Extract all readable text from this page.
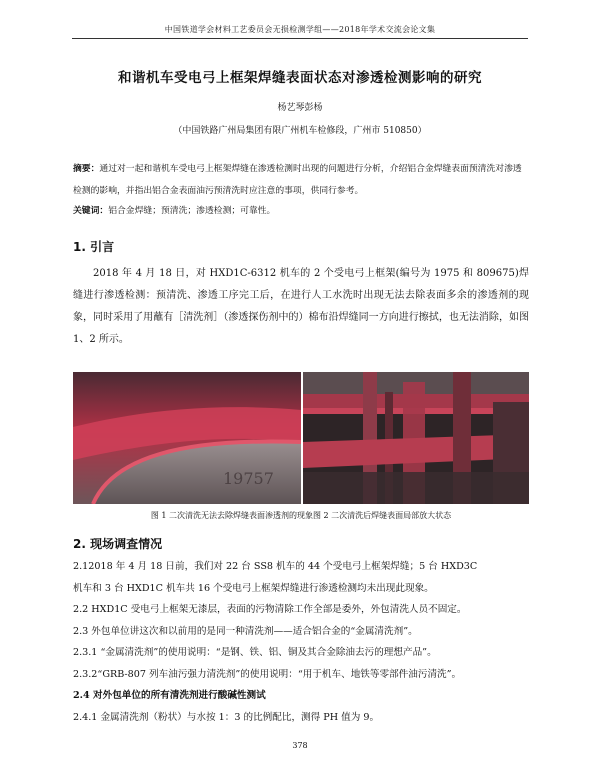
中国铁道学会材料工艺委员会无损检测学组——2018年学术交流会论文集
和谐机车受电弓上框架焊缝表面状态对渗透检测影响的研究
杨艺琴彭杨
（中国铁路广州局集团有限广州机车检修段，广州市 510850）
摘要：通过对一起和谐机车受电弓上框架焊缝在渗透检测时出现的问题进行分析，介绍铝合金焊缝表面预清洗对渗透检测的影响，并指出铝合金表面油污预清洗时应注意的事项，供同行参考。
关键词：铝合金焊缝；预清洗；渗透检测；可靠性。
1. 引言
2018 年 4 月 18 日，对 HXD1C-6312 机车的 2 个受电弓上框架(编号为 1975 和 809675)焊缝进行渗透检测：预清洗、渗透工序完工后，在进行人工水洗时出现无法去除表面多余的渗透剂的现象，同时采用了用蘸有［清洗剂］（渗透探伤剂中的）棉布沿焊缝同一方向进行擦拭，也无法消除，如图 1、2 所示。
19757
图 1 二次清洗无法去除焊缝表面渗透剂的现象图 2 二次清洗后焊缝表面局部放大状态
2. 现场调查情况
2.12018 年 4 月 18 日前，我们对 22 台 SS8 机车的 44 个受电弓上框架焊缝；5 台 HXD3C
机车和 3 台 HXD1C 机车共 16 个受电弓上框架焊缝进行渗透检测均未出现此现象。
2.2 HXD1C 受电弓上框架无漆层，表面的污物清除工作全部是委外，外包清洗人员不固定。
2.3 外包单位讲这次和以前用的是同一种清洗剂——适合铝合金的“金属清洗剂”。
2.3.1 “金属清洗剂”的使用说明：“是钢、铁、铝、铜及其合金除油去污的理想产品”。
2.3.2“GRB-807 列车油污强力清洗剂”的使用说明：“用于机车、地铁等零部件油污清洗”。
2.4 对外包单位的所有清洗剂进行酸碱性测试
2.4.1 金属清洗剂（粉状）与水按 1：3 的比例配比，测得 PH 值为 9。
378
